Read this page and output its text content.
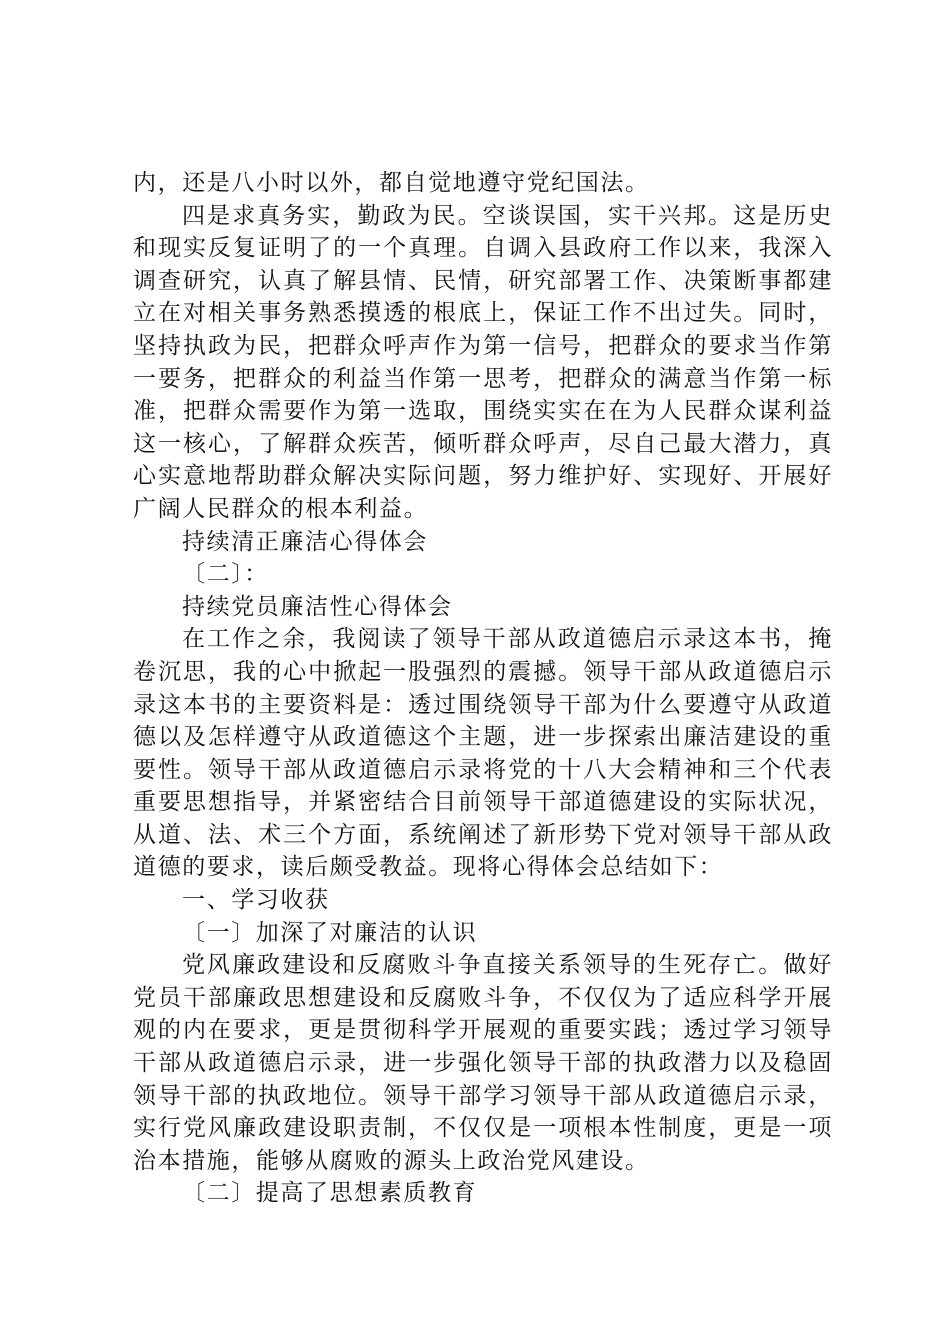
内，还是八小时以外，都自觉地遵守党纪国法。

四是求真务实，勤政为民。空谈误国，实干兴邦。这是历史和现实反复证明了的一个真理。自调入县政府工作以来，我深入调查研究，认真了解县情、民情，研究部署工作、决策断事都建立在对相关事务熟悉摸透的根底上，保证工作不出过失。同时，坚持执政为民，把群众呼声作为第一信号，把群众的要求当作第一要务，把群众的利益当作第一思考，把群众的满意当作第一标准，把群众需要作为第一选取，围绕实实在在为人民群众谋利益这一核心，了解群众疾苦，倾听群众呼声，尽自己最大潜力，真心实意地帮助群众解决实际问题，努力维护好、实现好、开展好广阔人民群众的根本利益。

持续清正廉洁心得体会

〔二〕：

持续党员廉洁性心得体会

在工作之余，我阅读了领导干部从政道德启示录这本书，掩卷沉思，我的心中掀起一股强烈的震撼。领导干部从政道德启示录这本书的主要资料是：透过围绕领导干部为什么要遵守从政道德以及怎样遵守从政道德这个主题，进一步探索出廉洁建设的重要性。领导干部从政道德启示录将党的十八大会精神和三个代表重要思想指导，并紧密结合目前领导干部道德建设的实际状况，从道、法、术三个方面，系统阐述了新形势下党对领导干部从政道德的要求，读后颇受教益。现将心得体会总结如下：

一、学习收获

〔一〕加深了对廉洁的认识

党风廉政建设和反腐败斗争直接关系领导的生死存亡。做好党员干部廉政思想建设和反腐败斗争，不仅仅为了适应科学开展观的内在要求，更是贯彻科学开展观的重要实践；透过学习领导干部从政道德启示录，进一步强化领导干部的执政潜力以及稳固领导干部的执政地位。领导干部学习领导干部从政道德启示录，实行党风廉政建设职责制，不仅仅是一项根本性制度，更是一项治本措施，能够从腐败的源头上政治党风建设。

〔二〕提高了思想素质教育
